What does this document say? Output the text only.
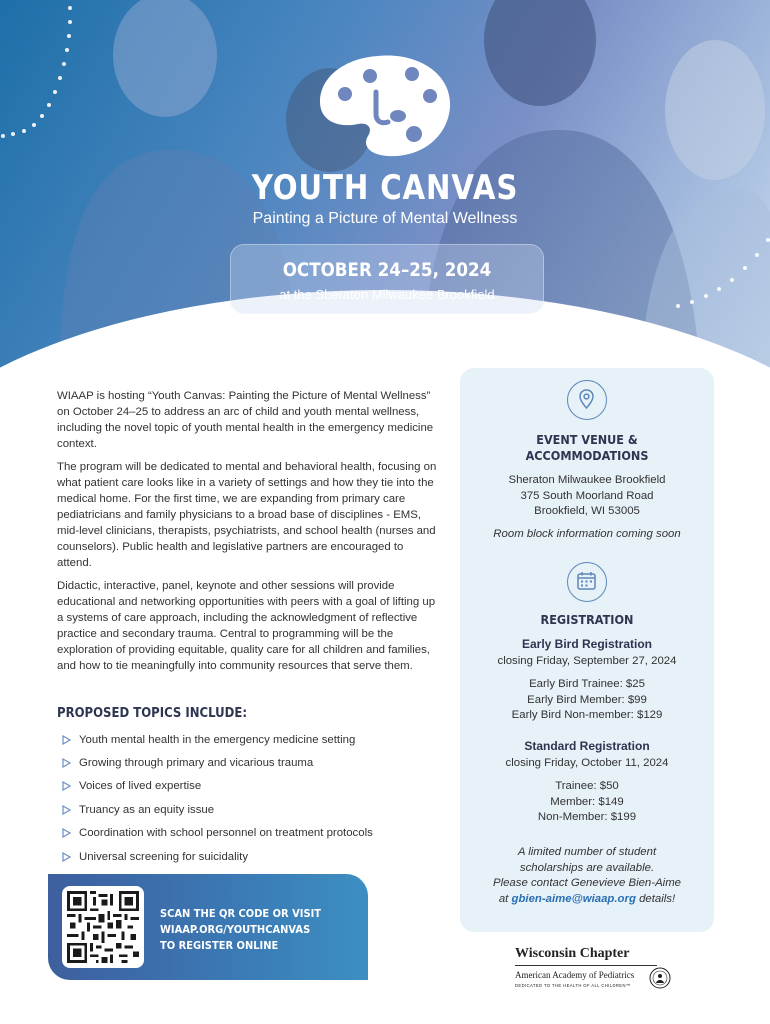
YOUTH CANVAS
Painting a Picture of Mental Wellness
OCTOBER 24–25, 2024
at the Sheraton Milwaukee Brookfield

WIAAP is hosting “Youth Canvas: Painting the Picture of Mental Wellness” on October 24–25 to address an arc of child and youth mental wellness, including the novel topic of youth mental health in the emergency medicine context.

The program will be dedicated to mental and behavioral health, focusing on what patient care looks like in a variety of settings and how they tie into the medical home. For the first time, we are expanding from primary care pediatricians and family physicians to a broad base of disciplines - EMS, mid-level clinicians, therapists, psychiatrists, and school health (nurses and counselors). Public health and legislative partners are encouraged to attend.

Didactic, interactive, panel, keynote and other sessions will provide educational and networking opportunities with peers with a goal of lifting up a systems of care approach, including the acknowledgment of reflective practice and secondary trauma. Central to programming will be the exploration of providing equitable, quality care for all children and families, and how to tie meaningfully into community resources that serve them.

PROPOSED TOPICS INCLUDE:
Youth mental health in the emergency medicine setting
Growing through primary and vicarious trauma
Voices of lived expertise
Truancy as an equity issue
Coordination with school personnel on treatment protocols
Universal screening for suicidality
SCAN THE QR CODE OR VISIT
WIAAP.ORG/YOUTHCANVAS
TO REGISTER ONLINE
EVENT VENUE &
ACCOMMODATIONS
Sheraton Milwaukee Brookfield
375 South Moorland Road
Brookfield, WI 53005
Room block information coming soon
REGISTRATION
Early Bird Registration
closing Friday, September 27, 2024
Early Bird Trainee: $25
Early Bird Member: $99
Early Bird Non-member: $129
Standard Registration
closing Friday, October 11, 2024
Trainee: $50
Member: $149
Non-Member: $199
A limited number of student
scholarships are available.
Please contact Genevieve Bien-Aime
at gbien-aime@wiaap.org details!
Wisconsin Chapter
American Academy of Pediatrics
DEDICATED TO THE HEALTH OF ALL CHILDREN™
